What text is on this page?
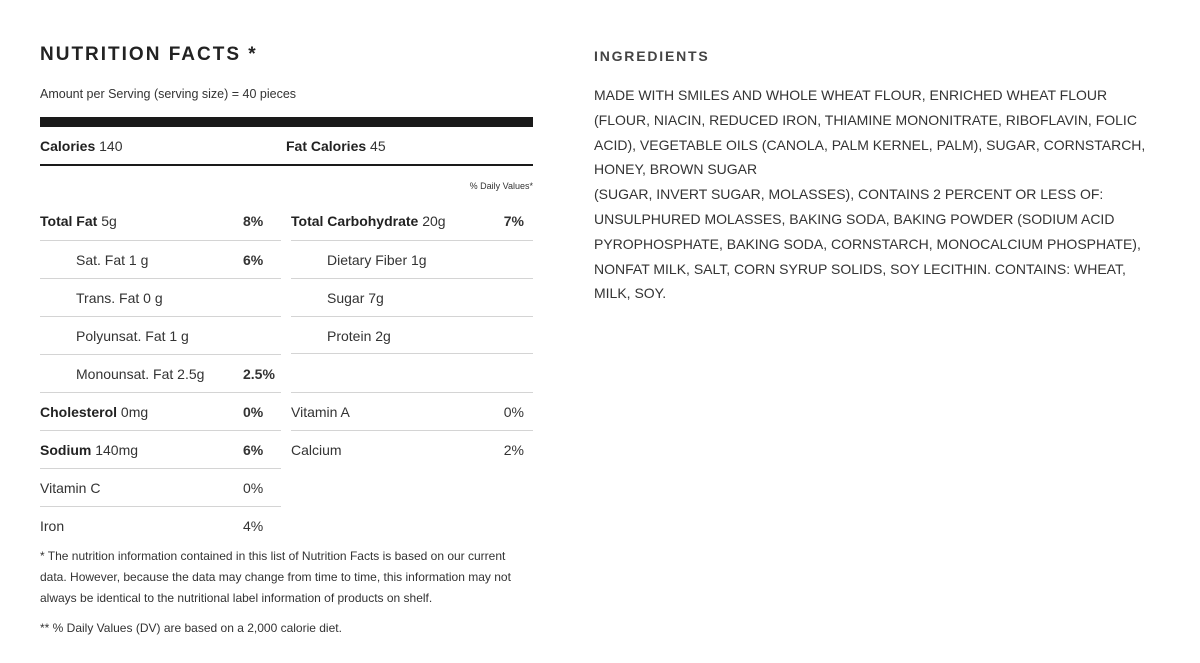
NUTRITION FACTS *
Amount per Serving (serving size) = 40 pieces
Calories 140	Fat Calories 45
% Daily Values*
Total Fat 5g	8%
Sat. Fat 1 g	6%
Trans. Fat 0 g
Polyunsat. Fat 1 g
Monounsat. Fat 2.5g	2.5%
Cholesterol 0mg	0%
Sodium 140mg	6%
Vitamin C	0%
Iron	4%
Total Carbohydrate 20g	7%
Dietary Fiber 1g
Sugar 7g
Protein 2g
Vitamin A	0%
Calcium	2%
* The nutrition information contained in this list of Nutrition Facts is based on our current data. However, because the data may change from time to time, this information may not always be identical to the nutritional label information of products on shelf.
** % Daily Values (DV) are based on a 2,000 calorie diet.
INGREDIENTS
MADE WITH SMILES AND WHOLE WHEAT FLOUR, ENRICHED WHEAT FLOUR
(FLOUR, NIACIN, REDUCED IRON, THIAMINE MONONITRATE, RIBOFLAVIN, FOLIC
ACID), VEGETABLE OILS (CANOLA, PALM KERNEL, PALM), SUGAR, CORNSTARCH,
HONEY, BROWN SUGAR
(SUGAR, INVERT SUGAR, MOLASSES), CONTAINS 2 PERCENT OR LESS OF:
UNSULPHURED MOLASSES, BAKING SODA, BAKING POWDER (SODIUM ACID
PYROPHOSPHATE, BAKING SODA, CORNSTARCH, MONOCALCIUM PHOSPHATE),
NONFAT MILK, SALT, CORN SYRUP SOLIDS, SOY LECITHIN. CONTAINS: WHEAT,
MILK, SOY.
